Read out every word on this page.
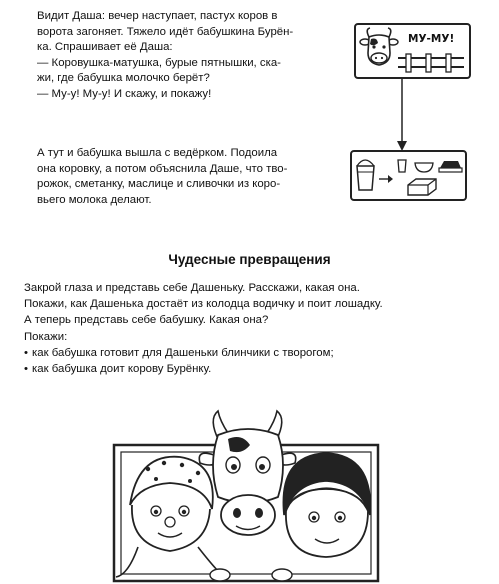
Видит Даша: вечер наступает, пастух коров в
ворота загоняет. Тяжело идёт бабушкина Бурён-
ка. Спрашивает её Даша:
— Коровушка-матушка, бурые пятнышки, ска-
жи, где бабушка молочко берёт?
— Му-у! Му-у! И скажу, и покажу!
А тут и бабушка вышла с ведёрком. Подоила
она коровку, а потом объяснила Даше, что тво-
рожок, сметанку, маслице и сливочки из коро-
вьего молока делают.
МУ-МУ!
Чудесные превращения
Закрой глаза и представь себе Дашеньку. Расскажи, какая она.
Покажи, как Дашенька достаёт из колодца водичку и поит лошадку.
А теперь представь себе бабушку. Какая она?
Покажи:
• как бабушка готовит для Дашеньки блинчики с творогом;
• как бабушка доит корову Бурёнку.
